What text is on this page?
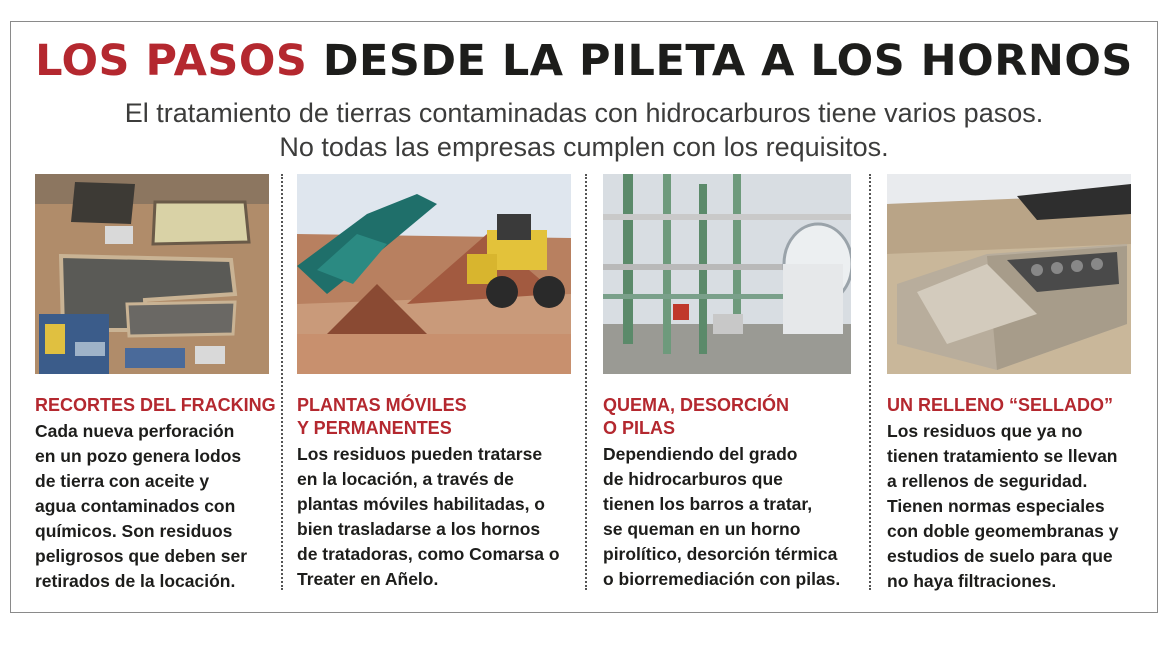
LOS PASOS DESDE LA PILETA A LOS HORNOS

El tratamiento de tierras contaminadas con hidrocarburos tiene varios pasos.
No todas las empresas cumplen con los requisitos.

RECORTES DEL FRACKING
Cada nueva perforación
en un pozo genera lodos
de tierra con aceite y
agua contaminados con
químicos. Son residuos
peligrosos que deben ser
retirados de la locación.
PLANTAS MÓVILES
Y PERMANENTES
Los residuos pueden tratarse
en la locación, a través de
plantas móviles habilitadas, o
bien trasladarse a los hornos
de tratadoras, como Comarsa o
Treater en Añelo.
QUEMA, DESORCIÓN
O PILAS
Dependiendo del grado
de hidrocarburos que
tienen los barros a tratar,
se queman en un horno
pirolítico, desorción térmica
o biorremediación con pilas.
UN RELLENO “SELLADO”
Los residuos que ya no
tienen tratamiento se llevan
a rellenos de seguridad.
Tienen normas especiales
con doble geomembranas y
estudios de suelo para que
no haya filtraciones.
